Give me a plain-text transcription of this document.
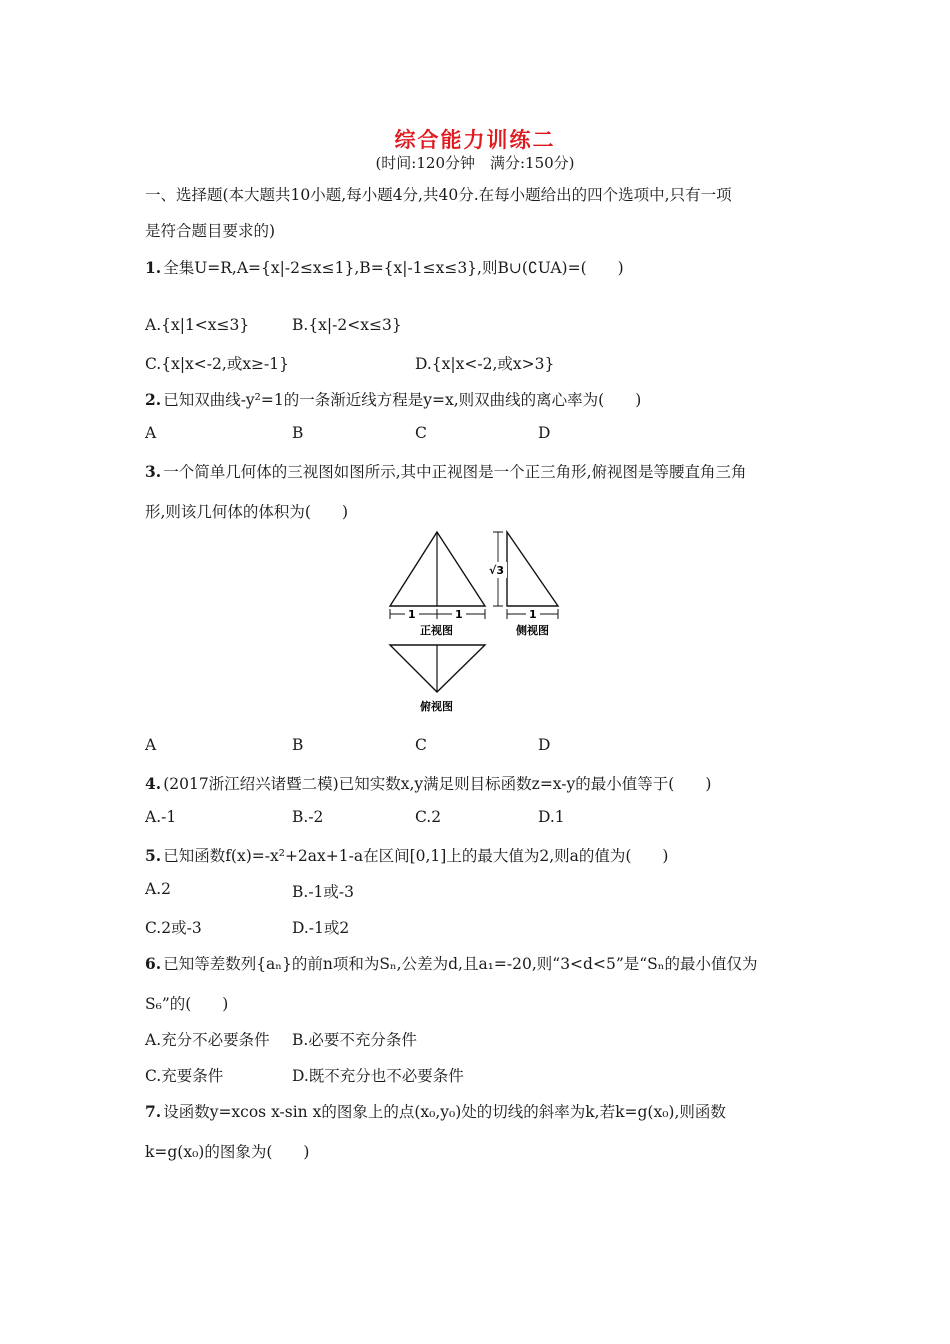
综合能力训练二
(时间:120分钟　满分:150分)
一、选择题(本大题共10小题,每小题4分,共40分.在每小题给出的四个选项中,只有一项
是符合题目要求的)
1. 全集U=R,A={x|-2≤x≤1},B={x|-1≤x≤3},则B∪(∁UA)=(　　)
A.{x|1<x≤3}	B.{x|-2<x≤3}
C.{x|x<-2,或x≥-1}	D.{x|x<-2,或x>3}
2. 已知双曲线-y²=1的一条渐近线方程是y=x,则双曲线的离心率为(　　)
A	B	C	D
3. 一个简单几何体的三视图如图所示,其中正视图是一个正三角形,俯视图是等腰直角三角
形,则该几何体的体积为(　　)
1	1
正视图
√3
1
侧视图
俯视图
A	B	C	D
4. (2017浙江绍兴诸暨二模)已知实数x,y满足则目标函数z=x-y的最小值等于(　　)
A.-1	B.-2	C.2	D.1
5. 已知函数f(x)=-x²+2ax+1-a在区间[0,1]上的最大值为2,则a的值为(　　)
A.2	B.-1或-3
C.2或-3	D.-1或2
6. 已知等差数列{aₙ}的前n项和为Sₙ,公差为d,且a₁=-20,则“3<d<5”是“Sₙ的最小值仅为
S₆”的(　　)
A.充分不必要条件 B.必要不充分条件
C.充要条件	D.既不充分也不必要条件
7. 设函数y=xcos x-sin x的图象上的点(x₀,y₀)处的切线的斜率为k,若k=g(x₀),则函数
k=g(x₀)的图象为(　　)
